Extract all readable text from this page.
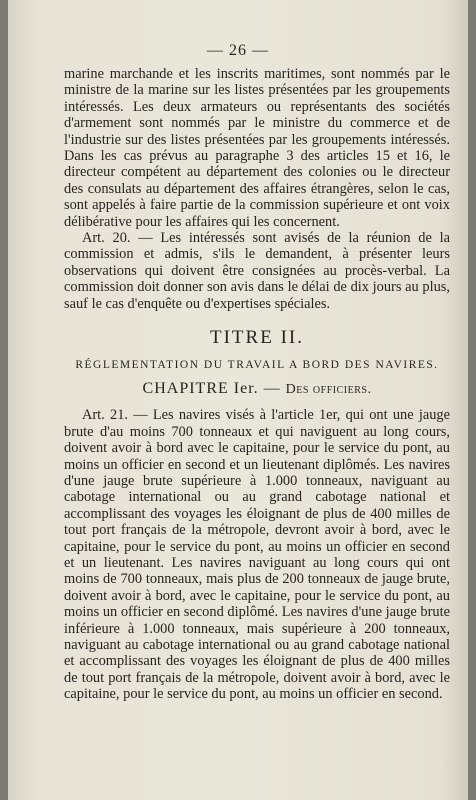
— 26 —

marine marchande et les inscrits maritimes, sont nommés par le ministre de la marine sur les listes présentées par les groupements intéressés. Les deux armateurs ou représentants des sociétés d'armement sont nommés par le ministre du commerce et de l'industrie sur des listes présentées par les groupements intéressés. Dans les cas prévus au paragraphe 3 des articles 15 et 16, le directeur compétent au département des colonies ou le directeur des consulats au département des affaires étrangères, selon le cas, sont appelés à faire partie de la commission supérieure et ont voix délibérative pour les affaires qui les concernent.

Art. 20. — Les intéressés sont avisés de la réunion de la commission et admis, s'ils le demandent, à présenter leurs observations qui doivent être consignées au procès-verbal. La commission doit donner son avis dans le délai de dix jours au plus, sauf le cas d'enquête ou d'expertises spéciales.

TITRE II.
RÉGLEMENTATION DU TRAVAIL A BORD DES NAVIRES.
CHAPITRE Ier. — Des officiers.

Art. 21. — Les navires visés à l'article 1er, qui ont une jauge brute d'au moins 700 tonneaux et qui naviguent au long cours, doivent avoir à bord avec le capitaine, pour le service du pont, au moins un officier en second et un lieutenant diplômés. Les navires d'une jauge brute supérieure à 1.000 tonneaux, naviguant au cabotage international ou au grand cabotage national et accomplissant des voyages les éloignant de plus de 400 milles de tout port français de la métropole, devront avoir à bord, avec le capitaine, pour le service du pont, au moins un officier en second et un lieutenant. Les navires naviguant au long cours qui ont moins de 700 tonneaux, mais plus de 200 tonneaux de jauge brute, doivent avoir à bord, avec le capitaine, pour le service du pont, au moins un officier en second diplômé. Les navires d'une jauge brute inférieure à 1.000 tonneaux, mais supérieure à 200 tonneaux, naviguant au cabotage international ou au grand cabotage national et accomplissant des voyages les éloignant de plus de 400 milles de tout port français de la métropole, doivent avoir à bord, avec le capitaine, pour le service du pont, au moins un officier en second.
